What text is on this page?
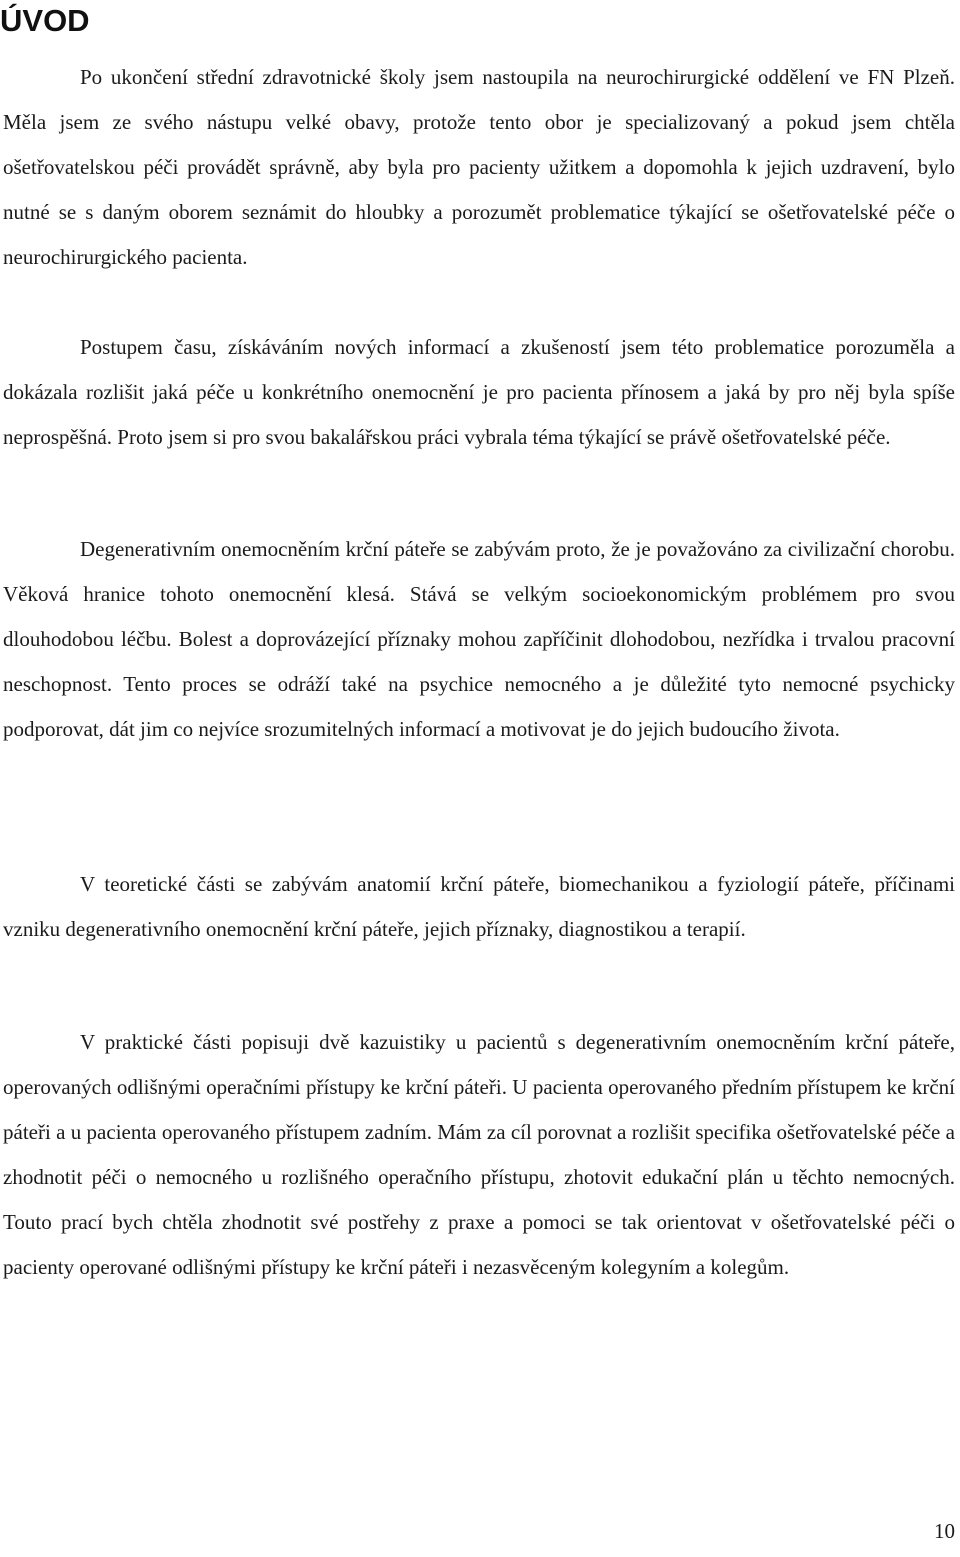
ÚVOD

Po ukončení střední zdravotnické školy jsem nastoupila na neurochirurgické oddělení ve FN Plzeň. Měla jsem ze svého nástupu velké obavy, protože tento obor je specializovaný a pokud jsem chtěla ošetřovatelskou péči provádět správně, aby byla pro pacienty užitkem a dopomohla k jejich uzdravení, bylo nutné se s daným oborem seznámit do hloubky a porozumět problematice týkající se ošetřovatelské péče o neurochirurgického pacienta.

Postupem času, získáváním nových informací a zkušeností jsem této problematice porozuměla a dokázala rozlišit jaká péče u konkrétního onemocnění je pro pacienta přínosem a jaká by pro něj byla spíše neprospěšná. Proto jsem si pro svou bakalářskou práci vybrala téma týkající se právě ošetřovatelské péče.

Degenerativním onemocněním krční páteře se zabývám proto, že je považováno za civilizační chorobu. Věková hranice tohoto onemocnění klesá. Stává se velkým socioekonomickým problémem pro svou dlouhodobou léčbu. Bolest a doprovázející příznaky mohou zapříčinit dlohodobou, nezřídka i trvalou pracovní neschopnost. Tento proces se odráží také na psychice nemocného a je důležité tyto nemocné psychicky podporovat, dát jim co nejvíce srozumitelných informací a motivovat je do jejich budoucího života.

V teoretické části se zabývám anatomií krční páteře, biomechanikou a fyziologií páteře, příčinami vzniku degenerativního onemocnění krční páteře, jejich příznaky, diagnostikou a terapií.

V praktické části popisuji dvě kazuistiky u pacientů s degenerativním onemocněním krční páteře, operovaných odlišnými operačními přístupy ke krční páteři. U pacienta operovaného předním přístupem ke krční páteři a u pacienta operovaného přístupem zadním. Mám za cíl porovnat a rozlišit specifika ošetřovatelské péče a zhodnotit péči o nemocného u rozlišného operačního přístupu, zhotovit edukační plán u těchto nemocných. Touto prací bych chtěla zhodnotit své postřehy z praxe a pomoci se tak orientovat v ošetřovatelské péči o pacienty operované odlišnými přístupy ke krční páteři i nezasvěceným kolegyním a kolegům.

10
